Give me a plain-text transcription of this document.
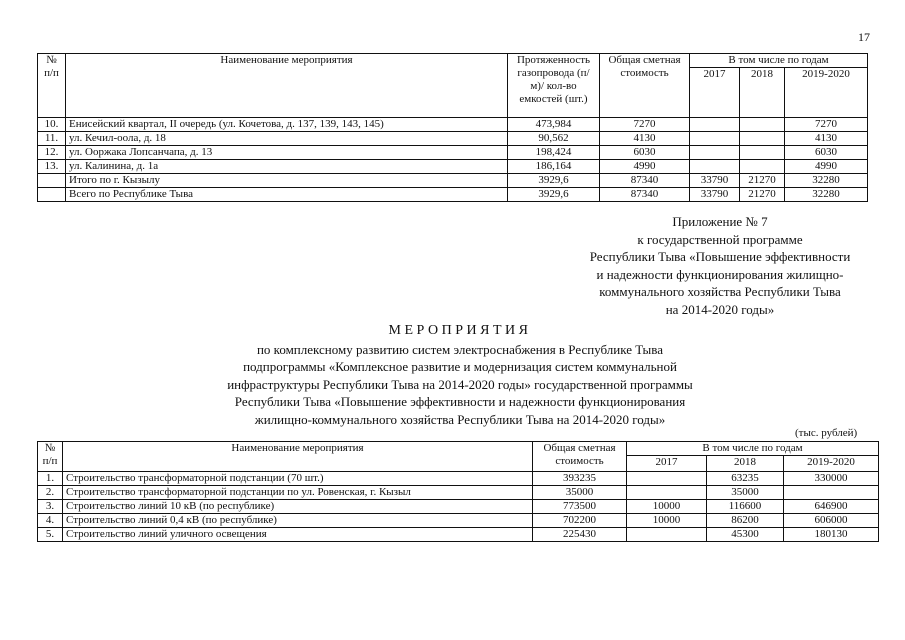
17
№ п/п	Наименование мероприятия	Протяженность газопровода (п/м)/ кол-во емкостей (шт.)	Общая сметная стоимость	В том числе по годам		
				2017	2018	2019-2020
10.	Енисейский квартал, II очередь (ул. Кочетова, д. 137, 139, 143, 145)	473,984	7270			7270
11.	ул. Кечил-оола, д. 18	90,562	4130			4130
12.	ул. Ооржака Лопсанчапа, д. 13	198,424	6030			6030
13.	ул. Калинина, д. 1а	186,164	4990			4990
	Итого по г. Кызылу	3929,6	87340	33790	21270	32280
	Всего по Республике Тыва	3929,6	87340	33790	21270	32280
Приложение № 7
к государственной программе
Республики Тыва «Повышение эффективности
и надежности функционирования жилищно-
коммунального хозяйства Республики Тыва
на 2014-2020 годы»
МЕРОПРИЯТИЯ
по комплексному развитию систем электроснабжения в Республике Тыва
подпрограммы «Комплексное развитие и модернизация систем коммунальной
инфраструктуры Республики Тыва на 2014-2020 годы» государственной программы
Республики Тыва «Повышение эффективности и надежности функционирования
жилищно-коммунального хозяйства Республики Тыва на 2014-2020 годы»
(тыс. рублей)
№ п/п	Наименование мероприятия	Общая сметная стоимость	В том числе по годам		
			2017	2018	2019-2020
1.	Строительство трансформаторной подстанции (70 шт.)	393235		63235	330000
2.	Строительство трансформаторной подстанции по ул. Ровенская, г. Кызыл	35000		35000	
3.	Строительство линий 10 кВ (по республике)	773500	10000	116600	646900
4.	Строительство линий 0,4 кВ (по республике)	702200	10000	86200	606000
5.	Строительство линий уличного освещения	225430		45300	180130
